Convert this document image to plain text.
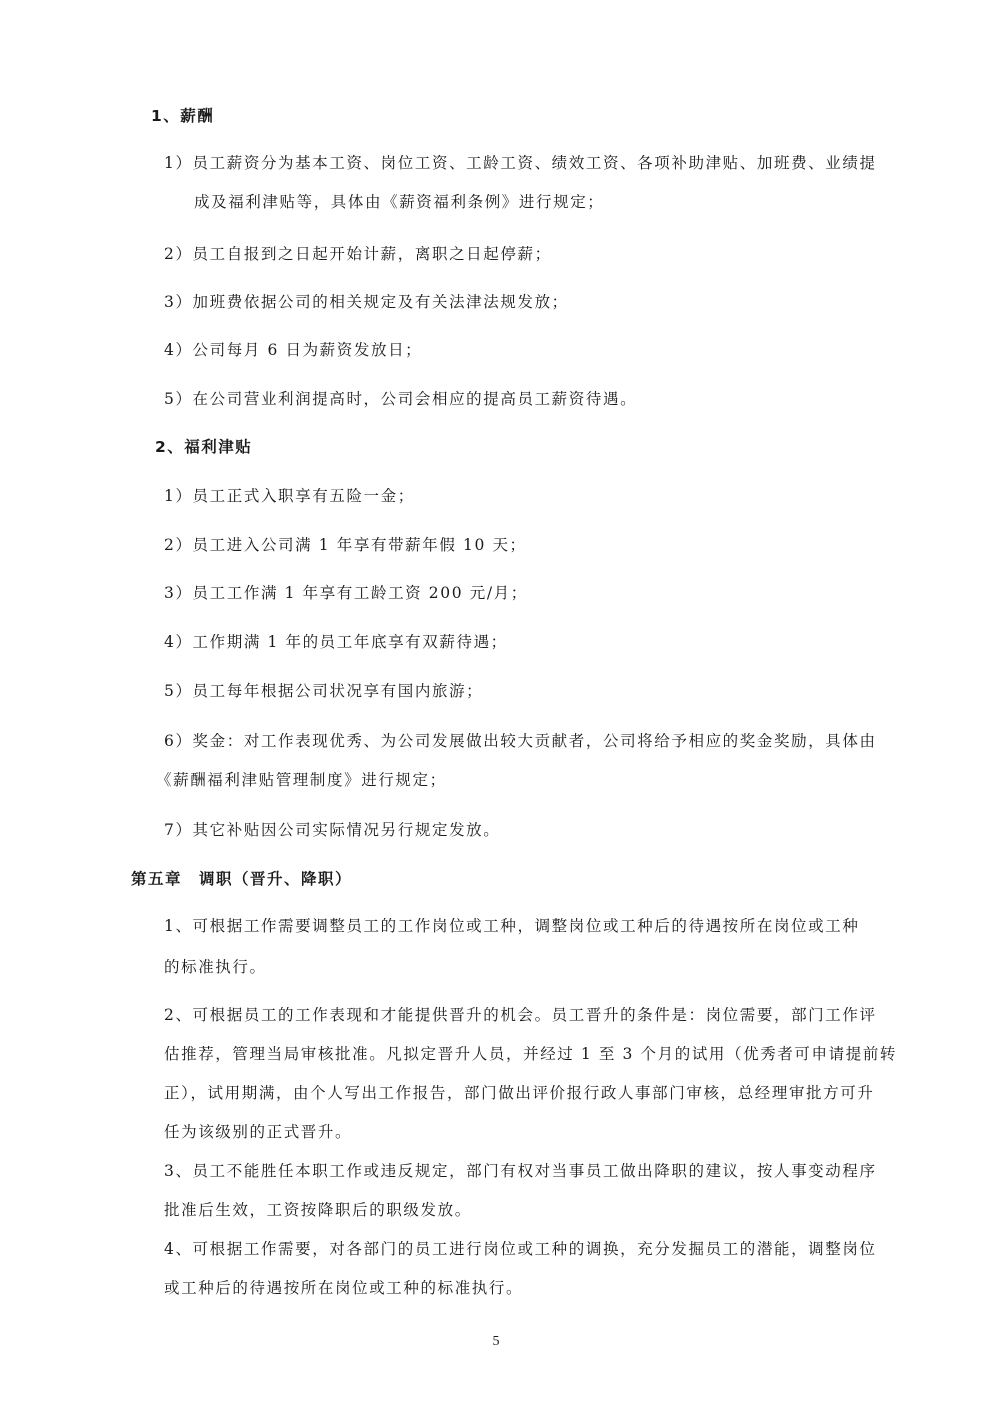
1、薪酬
1）员工薪资分为基本工资、岗位工资、工龄工资、绩效工资、各项补助津贴、加班费、业绩提
成及福利津贴等，具体由《薪资福利条例》进行规定；
2）员工自报到之日起开始计薪，离职之日起停薪；
3）加班费依据公司的相关规定及有关法津法规发放；
4）公司每月 6 日为薪资发放日；
5）在公司营业利润提高时，公司会相应的提高员工薪资待遇。
2、福利津贴
1）员工正式入职享有五险一金；
2）员工进入公司满 1 年享有带薪年假 10 天；
3）员工工作满 1 年享有工龄工资 200 元/月；
4）工作期满 1 年的员工年底享有双薪待遇；
5）员工每年根据公司状况享有国内旅游；
6）奖金：对工作表现优秀、为公司发展做出较大贡献者，公司将给予相应的奖金奖励，具体由
《薪酬福利津贴管理制度》进行规定；
7）其它补贴因公司实际情况另行规定发放。
第五章　调职（晋升、降职）
1、可根据工作需要调整员工的工作岗位或工种，调整岗位或工种后的待遇按所在岗位或工种
的标准执行。
2、可根据员工的工作表现和才能提供晋升的机会。员工晋升的条件是：岗位需要，部门工作评
估推荐，管理当局审核批准。凡拟定晋升人员，并经过 1 至 3 个月的试用（优秀者可申请提前转
正），试用期满，由个人写出工作报告，部门做出评价报行政人事部门审核，总经理审批方可升
任为该级别的正式晋升。
3、员工不能胜任本职工作或违反规定，部门有权对当事员工做出降职的建议，按人事变动程序
批准后生效，工资按降职后的职级发放。
4、可根据工作需要，对各部门的员工进行岗位或工种的调换，充分发掘员工的潜能，调整岗位
或工种后的待遇按所在岗位或工种的标准执行。
5
